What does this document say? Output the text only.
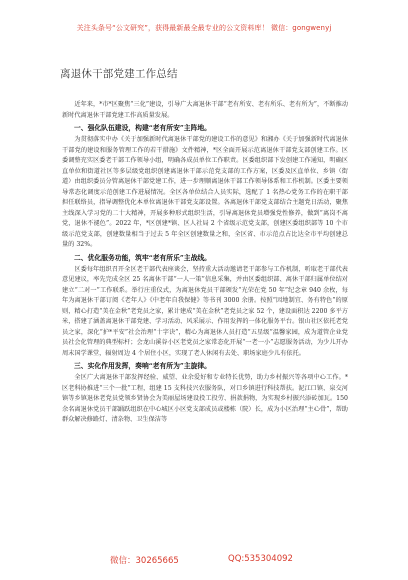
关注头条号“公文研究”，获得最新最全最专业的公文资料库！ 微信：gongwenyj
离退休干部党建工作总结

近年来，*市*区聚焦“三化”建设，引导广大离退休干部“老有所安、老有所乐、老有所为”，不断推动新时代离退休干部党建工作高质量发展。

一、强化队伍建设，构建“老有所安”主阵地。

为贯彻落实中办《关于加强新时代离退休干部党的建设工作的意见》和湘办《关于加强新时代离退休干部党的建设和服务管理工作的若干措施》文件精神，*区全面开展示范离退休干部党支部创建工作。区委调整充实区委老干部工作领导小组，明确各成员单位工作职责。区委组织部下发创建工作通知，明确区直单位和街道社区等多层级党组织创建离退休干部示范党支部的工作方案，区委及区直单位、乡镇（街道）由组织委员分管离退休干部党建工作，进一步理顺离退休干部工作领导体系和工作机制。区委主要领导常态化调度示范创建工作进展情况。全区各单位结合人员实际，选配了 1 名热心党务工作的在职干部担任联络员，指导调整优化本单位离退休干部党支部设置。各离退休干部党支部结合主题党日活动，聚焦主线深入学习党的二十大精神，开展多种形式组织生活，引导离退休党员增强党性修养，做到“离岗不离党，退休不褪色”。2022 年，*区创建*镇、区人社局 2 个省级示范党支部，创建区委组织部等 10 个市级示范党支部，创建数量相当于过去 5 年全区创建数量之和，全区省、市示范点占比达全市平均创建总量的 32%。

二、优化服务功能，筑牢“老有所乐”主战线。

区委每年组织召开全区老干部代表座谈会，坚持重大活动邀请老干部参与工作机制，听取老干部代表意见建议，率先完成全区 25 名离休干部“一人一策”信息采集，并由区委组织部、离休干部归属单位结对建立“二对一”工作联系。举行庄重仪式，为离退休党员干部颁发“光荣在党 50 年”纪念章 940 余枚，每年为离退休干部订阅《老年人》《中老年自我保健》等书刊 3000 余册。按照“因地制宜、务有特色”的原则，精心打造“美在金秋”老党员之家，累计建成“美在金秋”老党员之家 52 个，建设面积达 2200 多平方米，搭建了涵盖离退休干部党建、学习活动、风采展示、作用发挥的一体化服务平台。银山社区依托老党员之家，深化“护*平安”社会治理“十字诀”，精心为离退休人员打造“五星级”温馨家园，成为道管企业党员社会化管理的典型标杆；会龙山溪谷小区老党员之家常态化开展“一老一小”志愿服务活动，为少儿开办周末国学课堂，辐射周边 4 个居住小区，实现了老人休闲有去处、职场家庭少儿有依托。

三、实化作用发挥，奏响“老有所为”主旋律。

全区广大离退休干部发挥经验、威望、业余爱好和专业特长优势，助力乡村振兴等各项中心工作。*区老科协推进“三个一批”工程，组建 15 支科技兴农服务队，对口乡镇进行科技帮扶。泥江口镇、泉交河镇等乡镇退休老党员党领乡贤协会为美丽屋场建设投工投劳、捐款捐物，为实现乡村振兴添砖加瓦。150 余名离退休党员干部踊跃组织在中心城区小区党支部成员或楼栋（院）长，成为小区治理“主心骨”，帮助群众解决修路灯、清杂物、卫生保洁等

微信：30265665	QQ:535304092
